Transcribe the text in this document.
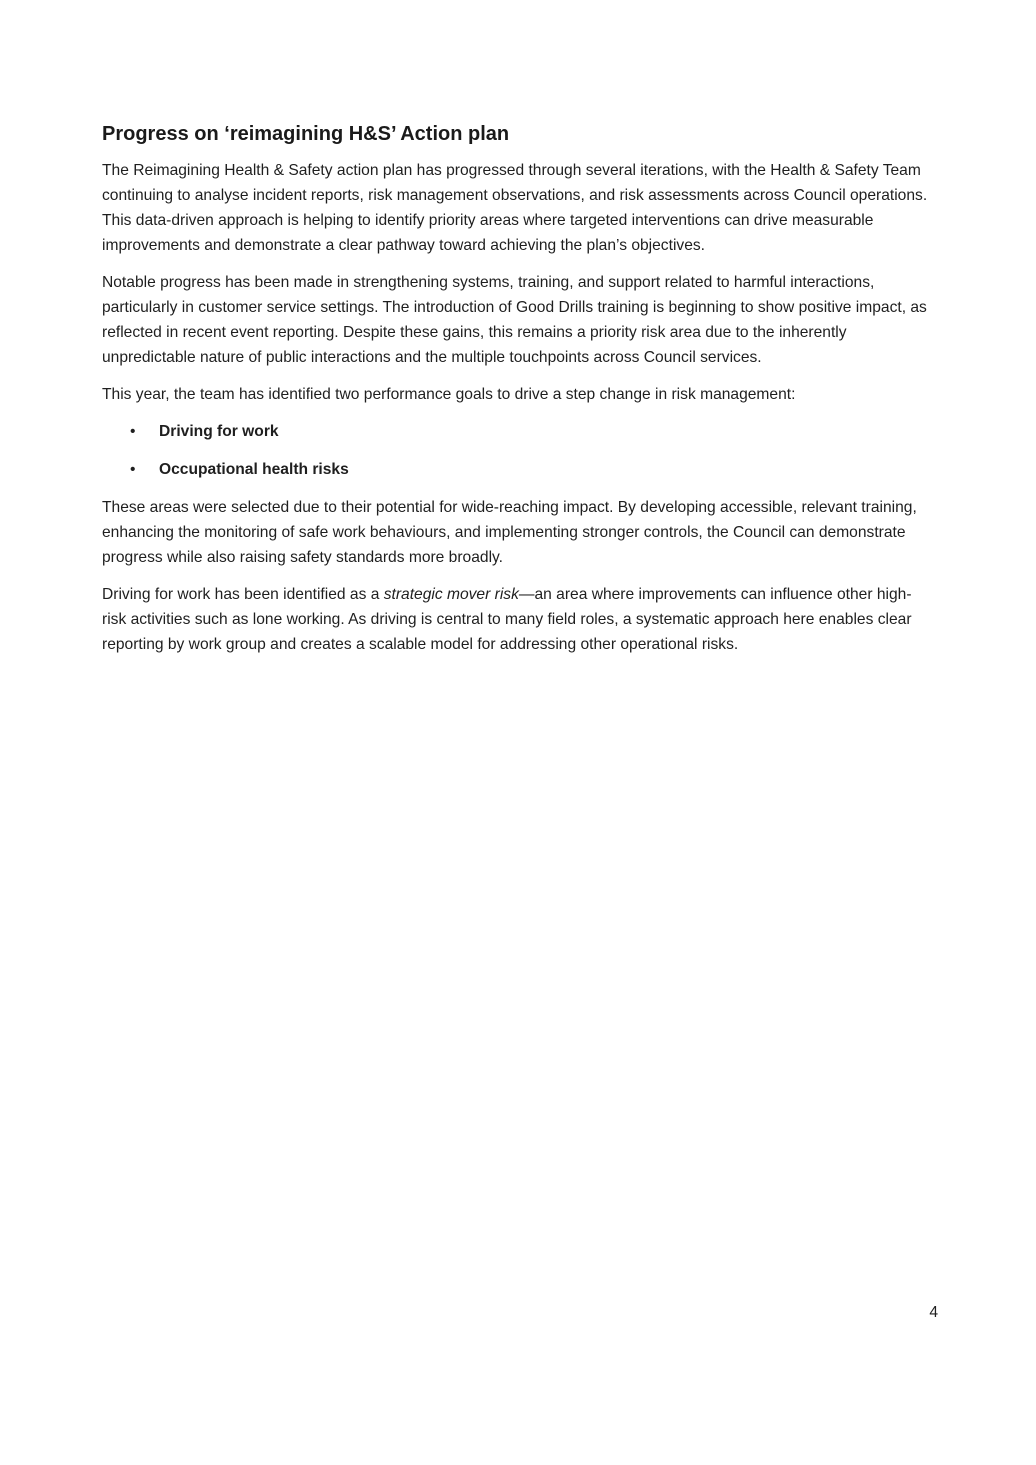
Progress on ‘reimagining H&S’ Action plan

The Reimagining Health & Safety action plan has progressed through several iterations, with the Health & Safety Team continuing to analyse incident reports, risk management observations, and risk assessments across Council operations. This data-driven approach is helping to identify priority areas where targeted interventions can drive measurable improvements and demonstrate a clear pathway toward achieving the plan’s objectives.

Notable progress has been made in strengthening systems, training, and support related to harmful interactions, particularly in customer service settings. The introduction of Good Drills training is beginning to show positive impact, as reflected in recent event reporting. Despite these gains, this remains a priority risk area due to the inherently unpredictable nature of public interactions and the multiple touchpoints across Council services.

This year, the team has identified two performance goals to drive a step change in risk management:

• Driving for work
• Occupational health risks

These areas were selected due to their potential for wide-reaching impact. By developing accessible, relevant training, enhancing the monitoring of safe work behaviours, and implementing stronger controls, the Council can demonstrate progress while also raising safety standards more broadly.

Driving for work has been identified as a strategic mover risk—an area where improvements can influence other high-risk activities such as lone working. As driving is central to many field roles, a systematic approach here enables clear reporting by work group and creates a scalable model for addressing other operational risks.

4
